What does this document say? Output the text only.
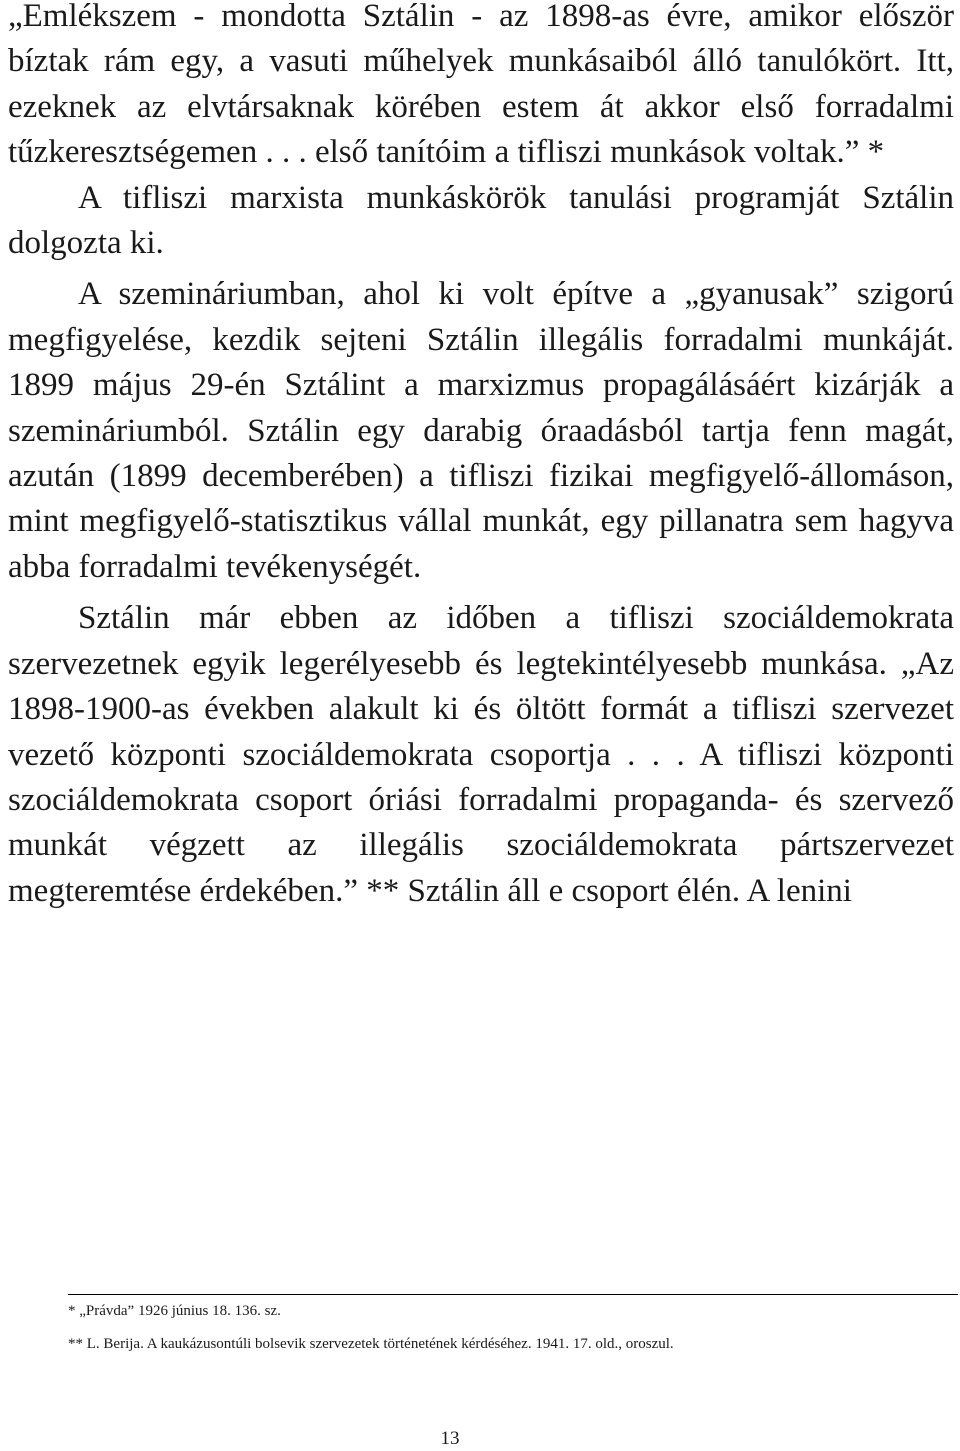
„Emlékszem - mondotta Sztálin - az 1898-as évre, amikor először bíztak rám egy, a vasuti műhelyek munkásaiból álló tanulókört. Itt, ezeknek az elvtársaknak körében estem át akkor első forradalmi tűzkeresztségemen . . . első tanítóim a tifliszi munkások voltak.” *

A tifliszi marxista munkáskörök tanulási programját Sztálin dolgozta ki.

A szemináriumban, ahol ki volt építve a „gyanusak” szigorú megfigyelése, kezdik sejteni Sztálin illegális forradalmi munkáját. 1899 május 29-én Sztálint a marxizmus propagálásáért kizárják a szemináriumból. Sztálin egy darabig óraadásból tartja fenn magát, azután (1899 decemberében) a tifliszi fizikai megfigyelő-állomáson, mint megfigyelő-statisztikus vállal munkát, egy pillanatra sem hagyva abba forradalmi tevékenységét.

Sztálin már ebben az időben a tifliszi szociáldemokrata szervezetnek egyik legerélyesebb és legtekintélyesebb munkása. „Az 1898-1900-as években alakult ki és öltött formát a tifliszi szervezet vezető központi szociáldemokrata csoportja . . . A tifliszi központi szociáldemokrata csoport óriási forradalmi propaganda- és szervező munkát végzett az illegális szociáldemokrata pártszervezet megteremtése érdekében.” ** Sztálin áll e csoport élén. A lenini

* „Právda” 1926 június 18. 136. sz.

** L. Berija. A kaukázusontúli bolsevik szervezetek történetének kérdéséhez. 1941. 17. old., oroszul.

13
